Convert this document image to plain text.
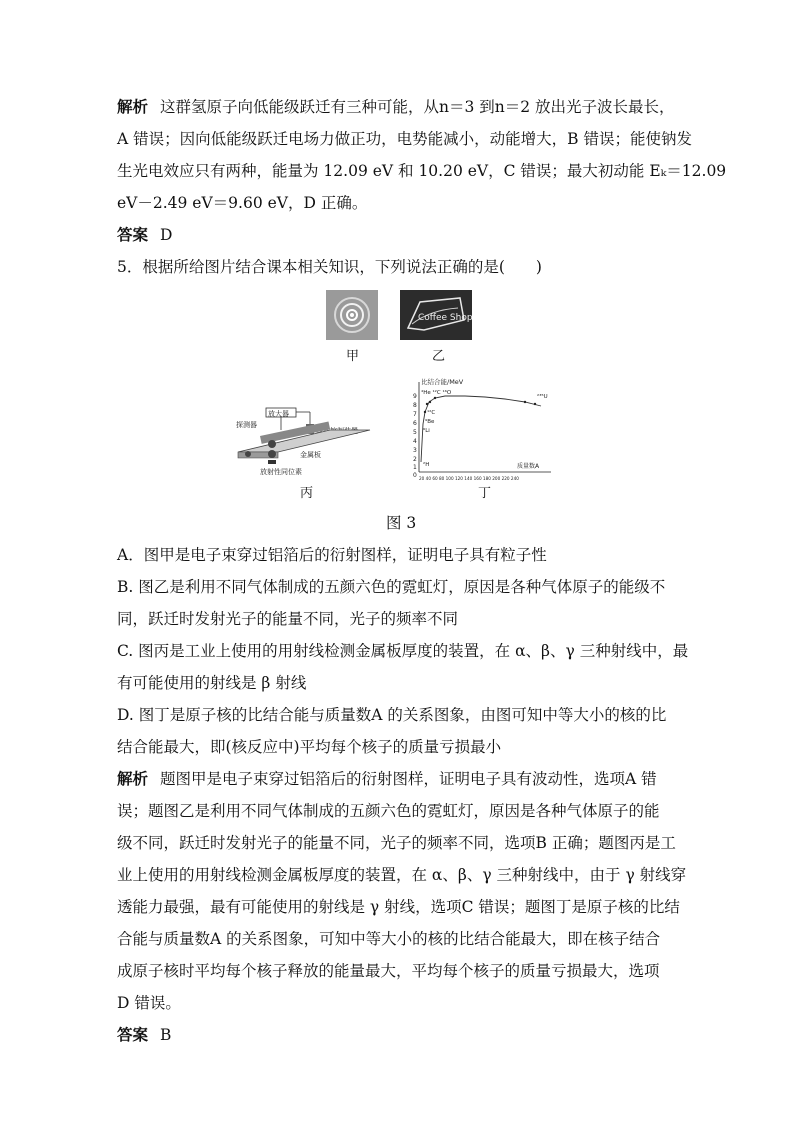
解析 这群氢原子向低能级跃迁有三种可能，从n＝3 到n＝2 放出光子波长最长，
A 错误；因向低能级跃迁电场力做正功，电势能减小，动能增大，B 错误；能使钠发
生光电效应只有两种，能量为 12.09 eV 和 10.20 eV，C 错误；最大初动能 Eₖ＝12.09
eV－2.49 eV＝9.60 eV，D 正确。
答案 D
5．根据所给图片结合课本相关知识，下列说法正确的是(　　)
甲
Coffee Shop
乙
放大器
探测器
金属板
放射性同位素
丙
比结合能/MeV
9
8
7
6
5
4
3
2
1
0
⁴He ¹²C ¹⁶O
¹²C
⁹Be
⁶Li
²H
²³⁵U
质量数A
20 40 60 80 100 120 140 160 180 200 220 240
丁
图 3
A．图甲是电子束穿过铝箔后的衍射图样，证明电子具有粒子性
B. 图乙是利用不同气体制成的五颜六色的霓虹灯，原因是各种气体原子的能级不
同，跃迁时发射光子的能量不同，光子的频率不同
C. 图丙是工业上使用的用射线检测金属板厚度的装置，在 α、β、γ 三种射线中，最
有可能使用的射线是 β 射线
D. 图丁是原子核的比结合能与质量数A 的关系图象，由图可知中等大小的核的比
结合能最大，即(核反应中)平均每个核子的质量亏损最小
解析 题图甲是电子束穿过铝箔后的衍射图样，证明电子具有波动性，选项A 错
误；题图乙是利用不同气体制成的五颜六色的霓虹灯，原因是各种气体原子的能
级不同，跃迁时发射光子的能量不同，光子的频率不同，选项B 正确；题图丙是工
业上使用的用射线检测金属板厚度的装置，在 α、β、γ 三种射线中，由于 γ 射线穿
透能力最强，最有可能使用的射线是 γ 射线，选项C 错误；题图丁是原子核的比结
合能与质量数A 的关系图象，可知中等大小的核的比结合能最大，即在核子结合
成原子核时平均每个核子释放的能量最大，平均每个核子的质量亏损最大，选项
D 错误。
答案 B
